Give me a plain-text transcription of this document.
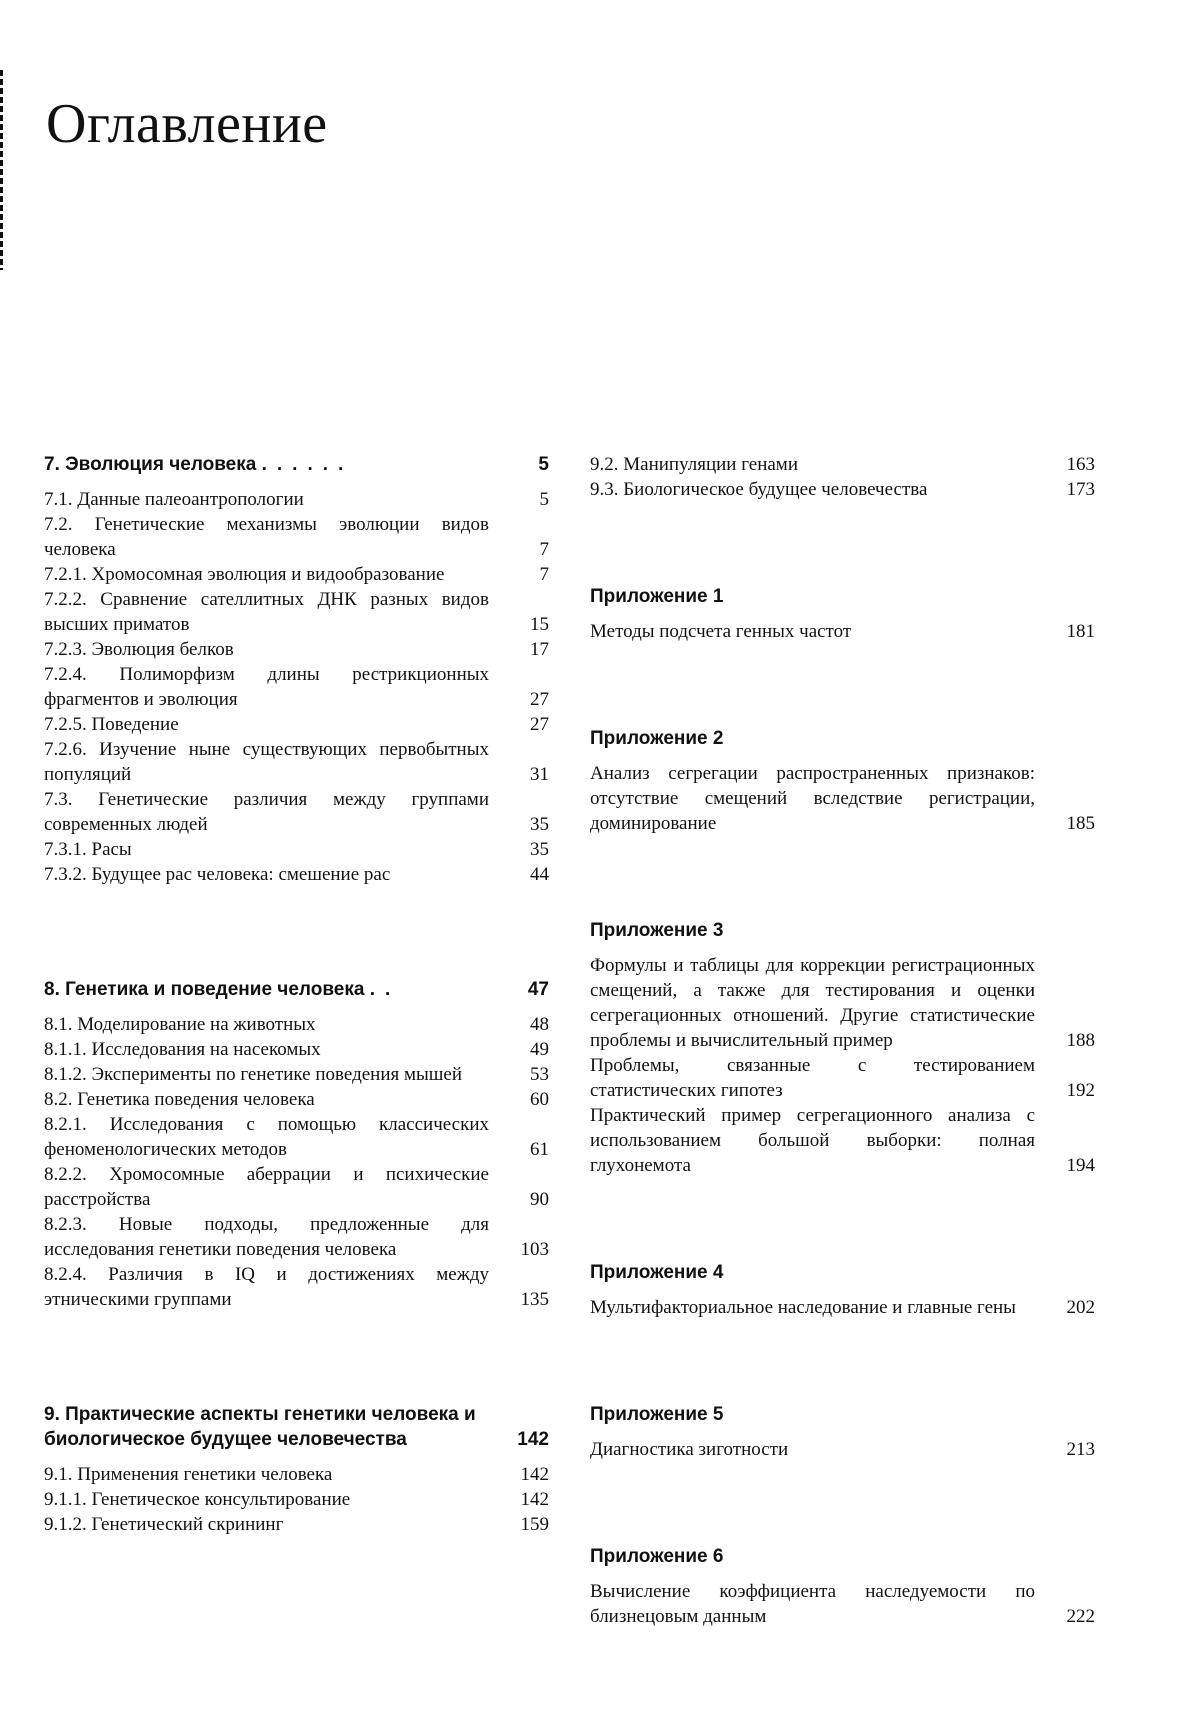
Оглавление
7. Эволюция человека ......	5
7.1. Данные палеоантропологии	5
7.2. Генетические механизмы эволюции видов человека	7
7.2.1. Хромосомная эволюция и видообразование	7
7.2.2. Сравнение сателлитных ДНК разных видов высших приматов	15
7.2.3. Эволюция белков	17
7.2.4. Полиморфизм длины рестрикционных фрагментов и эволюция	27
7.2.5. Поведение	27
7.2.6. Изучение ныне существующих первобытных популяций	31
7.3. Генетические различия между группами современных людей	35
7.3.1. Расы	35
7.3.2. Будущее рас человека: смешение рас	44
8. Генетика и поведение человека ..	47
8.1. Моделирование на животных	48
8.1.1. Исследования на насекомых	49
8.1.2. Эксперименты по генетике поведения мышей	53
8.2. Генетика поведения человека	60
8.2.1. Исследования с помощью классических феноменологических методов	61
8.2.2. Хромосомные аберрации и психические расстройства	90
8.2.3. Новые подходы, предложенные для исследования генетики поведения человека	103
8.2.4. Различия в IQ и достижениях между этническими группами	135
9. Практические аспекты генетики человека и биологическое будущее человечества	142
9.1. Применения генетики человека	142
9.1.1. Генетическое консультирование	142
9.1.2. Генетический скрининг	159
9.2. Манипуляции генами	163
9.3. Биологическое будущее человечества	173
Приложение 1
Методы подсчета генных частот	181
Приложение 2
Анализ сегрегации распространенных признаков: отсутствие смещений вследствие регистрации, доминирование	185
Приложение 3
Формулы и таблицы для коррекции регистрационных смещений, а также для тестирования и оценки сегрегационных отношений. Другие статистические проблемы и вычислительный пример	188
Проблемы, связанные с тестированием статистических гипотез	192
Практический пример сегрегационного анализа с использованием большой выборки: полная глухонемота	194
Приложение 4
Мультифакториальное наследование и главные гены	202
Приложение 5
Диагностика зиготности	213
Приложение 6
Вычисление коэффициента наследуемости по близнецовым данным	222
